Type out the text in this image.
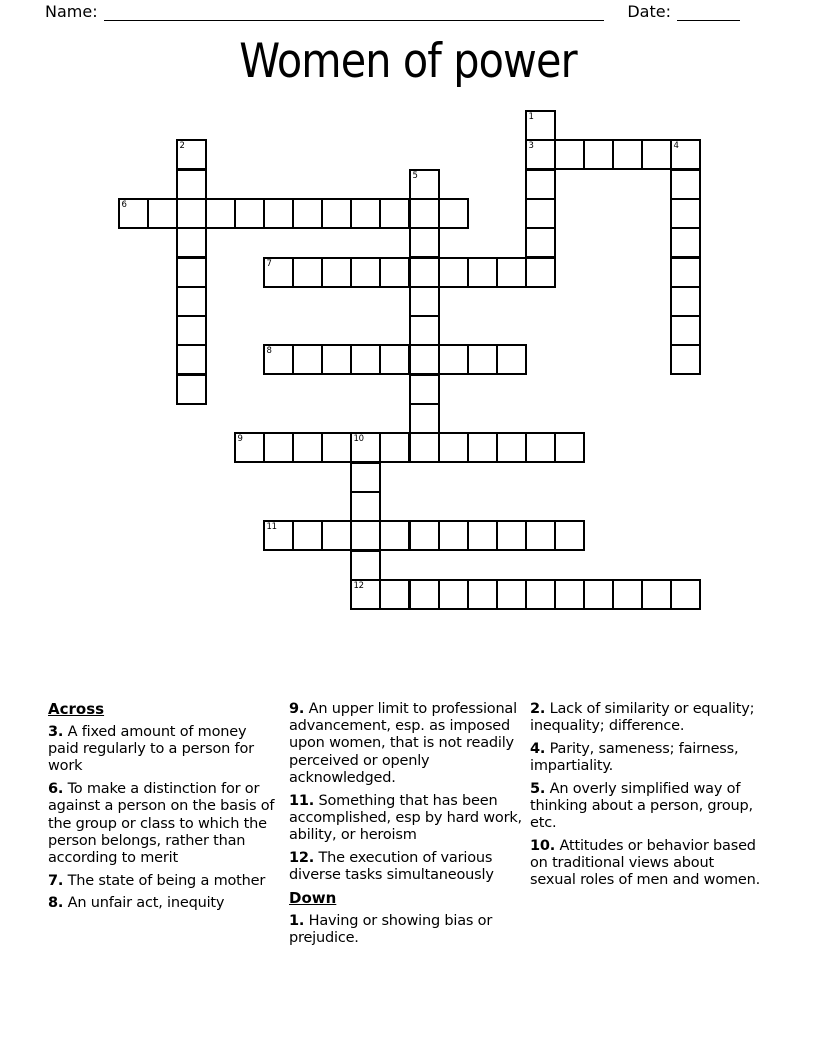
Name:	Date:
Women of power
1
3
2	4
5
6
7
8
9	10
12
11
Across
3. A fixed amount of money paid regularly to a person for work
6. To make a distinction for or against a person on the basis of the group or class to which the person belongs, rather than according to merit
7. The state of being a mother
8. An unfair act, inequity
9. An upper limit to professional advancement, esp. as imposed upon women, that is not readily perceived or openly acknowledged.
11. Something that has been accomplished, esp by hard work, ability, or heroism
12. The execution of various diverse tasks simultaneously
Down
1. Having or showing bias or prejudice.
2. Lack of similarity or equality; inequality; difference.
4. Parity, sameness; fairness, impartiality.
5. An overly simplified way of thinking about a person, group, etc.
10. Attitudes or behavior based on traditional views about sexual roles of men and women.
